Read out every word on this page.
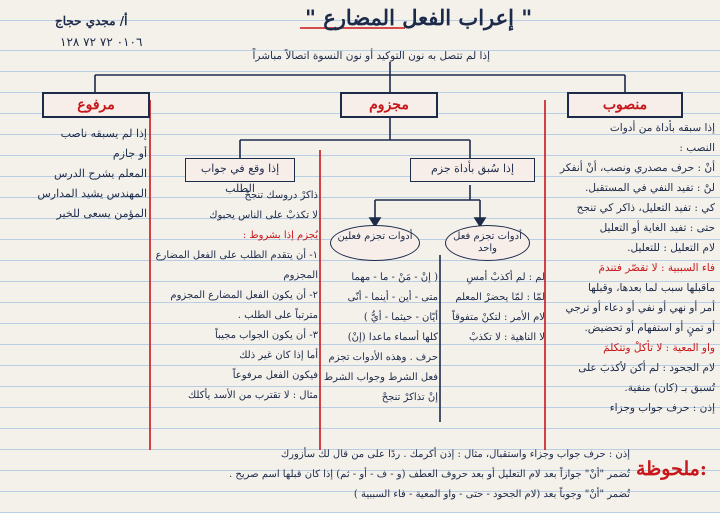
" إعراب الفعل المضارع "
أ/ مجدي حجاج
٠١٠٦ ٧٢ ٧٢ ١٢٨
إذا لم تتصل به نون التوكيد أو نون النسوة اتصالاً مباشراً
مرفوع	مجزوم	منصوب
إذا وقع في جواب الطلب
إذا سُبق بأداة جزم
أدوات تجزم فعلين	أدوات تجزم فعل واحد
إذا سبقه بأداة من أدوات
النصب :
أنْ : حرف مصدري ونصب، أنْ أنفكر
لنْ : تفيد النفي في المستقبل.
كي : تفيد التعليل، ذاكر كي تنجح
حتى : تفيد الغاية أو التعليل
لام التعليل : للتعليل.
فاء السببية : لا تقصّر فتندمَ
ماقبلها سبب لما بعدها، وقبلها
أمر أو نهي أو نفي أو دعاء أو ترجي
أو تمنٍ أو استفهام أو تحضيض.
واو المعية : لا تأكلْ وتتكلمَ
لام الجحود : لم أكن لأكذبَ على
تُسبق بـ (كان) منفية.
إذن : حرف جواب وجزاء
لم : لم أكذبْ أمسِ
لمّا : لمّا يحضرْ المعلم
لام الأمر : لتكنْ متفوقاً
لا الناهية : لا تكذبْ
( إنْ - مَنْ - ما - مهما
متى - أين - أينما - أنّى
أيّان - حيثما - أيُّ )
كلها أسماء ماعدا (إنْ)
حرف . وهذه الأدوات تجزم
فعل الشرط وجواب الشرط
إنْ تذاكرْ تنجحْ
ذاكرْ دروسك تنجحْ
لا تكذبْ على الناس يحبوك
يُجزم إذا بشروط :
١- أن يتقدم الطلب على الفعل المضارع
المجزوم
٢- أن يكون الفعل المضارع المجزوم
مترتباً على الطلب .
٣- أن يكون الجواب مجيباً
أما إذا كان غير ذلك
فيكون الفعل مرفوعاً
مثال : لا تقترب من الأسد يأكلك
إذا لم يسبقه ناصب
أو جازم
المعلم يشرح الدرس
المهندس يشيد المدارس
المؤمن يسعى للخير
ملحوظة:
إذن : حرف جواب وجزاء واستقبال، مثال : إذن أكرمك . ردًا على من قال لك سأزورك
تُضمر "أنْ" جوازاً بعد لام التعليل أو بعد حروف العطف (و - ف - أو - ثم) إذا كان قبلها اسم صريح .
تُضمر "أنْ" وجوباً بعد (لام الجحود - حتى - واو المعية - فاء السببية )
